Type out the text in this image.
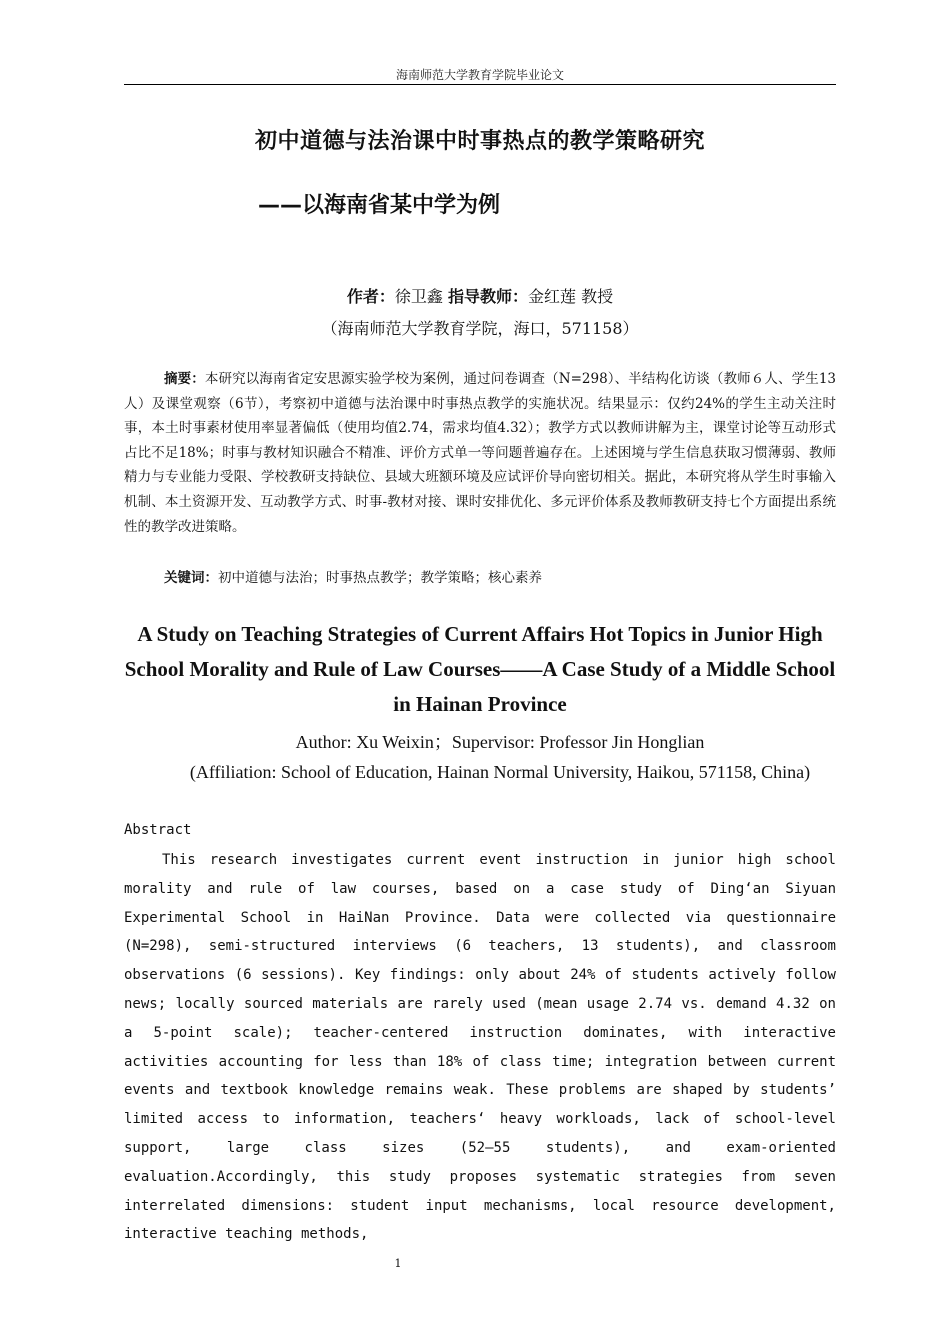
海南师范大学教育学院毕业论文
初中道德与法治课中时事热点的教学策略研究
——以海南省某中学为例
作者：徐卫鑫 指导教师：金红莲 教授
（海南师范大学教育学院，海口，571158）

摘要：本研究以海南省定安思源实验学校为案例，通过问卷调查（N=298）、半结构化访谈（教师６人、学生13人）及课堂观察（6节），考察初中道德与法治课中时事热点教学的实施状况。结果显示：仅约24%的学生主动关注时事，本土时事素材使用率显著偏低（使用均值2.74，需求均值4.32）；教学方式以教师讲解为主，课堂讨论等互动形式占比不足18%；时事与教材知识融合不精准、评价方式单一等问题普遍存在。上述困境与学生信息获取习惯薄弱、教师精力与专业能力受限、学校教研支持缺位、县域大班额环境及应试评价导向密切相关。据此，本研究将从学生时事输入机制、本土资源开发、互动教学方式、时事-教材对接、课时安排优化、多元评价体系及教师教研支持七个方面提出系统性的教学改进策略。

关键词：初中道德与法治；时事热点教学；教学策略；核心素养

A Study on Teaching Strategies of Current Affairs Hot Topics in Junior High School Morality and Rule of Law Courses——A Case Study of a Middle School in Hainan Province

Author: Xu Weixin；Supervisor: Professor Jin Honglian
(Affiliation: School of Education, Hainan Normal University, Haikou, 571158, China)
Abstract

This research investigates current event instruction in junior high school morality and rule of law courses, based on a case study of Ding‘an Siyuan Experimental School in HaiNan Province. Data were collected via questionnaire (N=298), semi-structured interviews (6 teachers, 13 students), and classroom observations (6 sessions). Key findings: only about 24% of students actively follow news; locally sourced materials are rarely used (mean usage 2.74 vs. demand 4.32 on a 5-point scale); teacher-centered instruction dominates, with interactive activities accounting for less than 18% of class time; integration between current events and textbook knowledge remains weak. These problems are shaped by students’ limited access to information, teachers‘ heavy workloads, lack of school-level support, large class sizes (52–55 students), and exam-oriented evaluation.Accordingly, this study proposes systematic strategies from seven interrelated dimensions: student input mechanisms, local resource development, interactive teaching methods,

1
